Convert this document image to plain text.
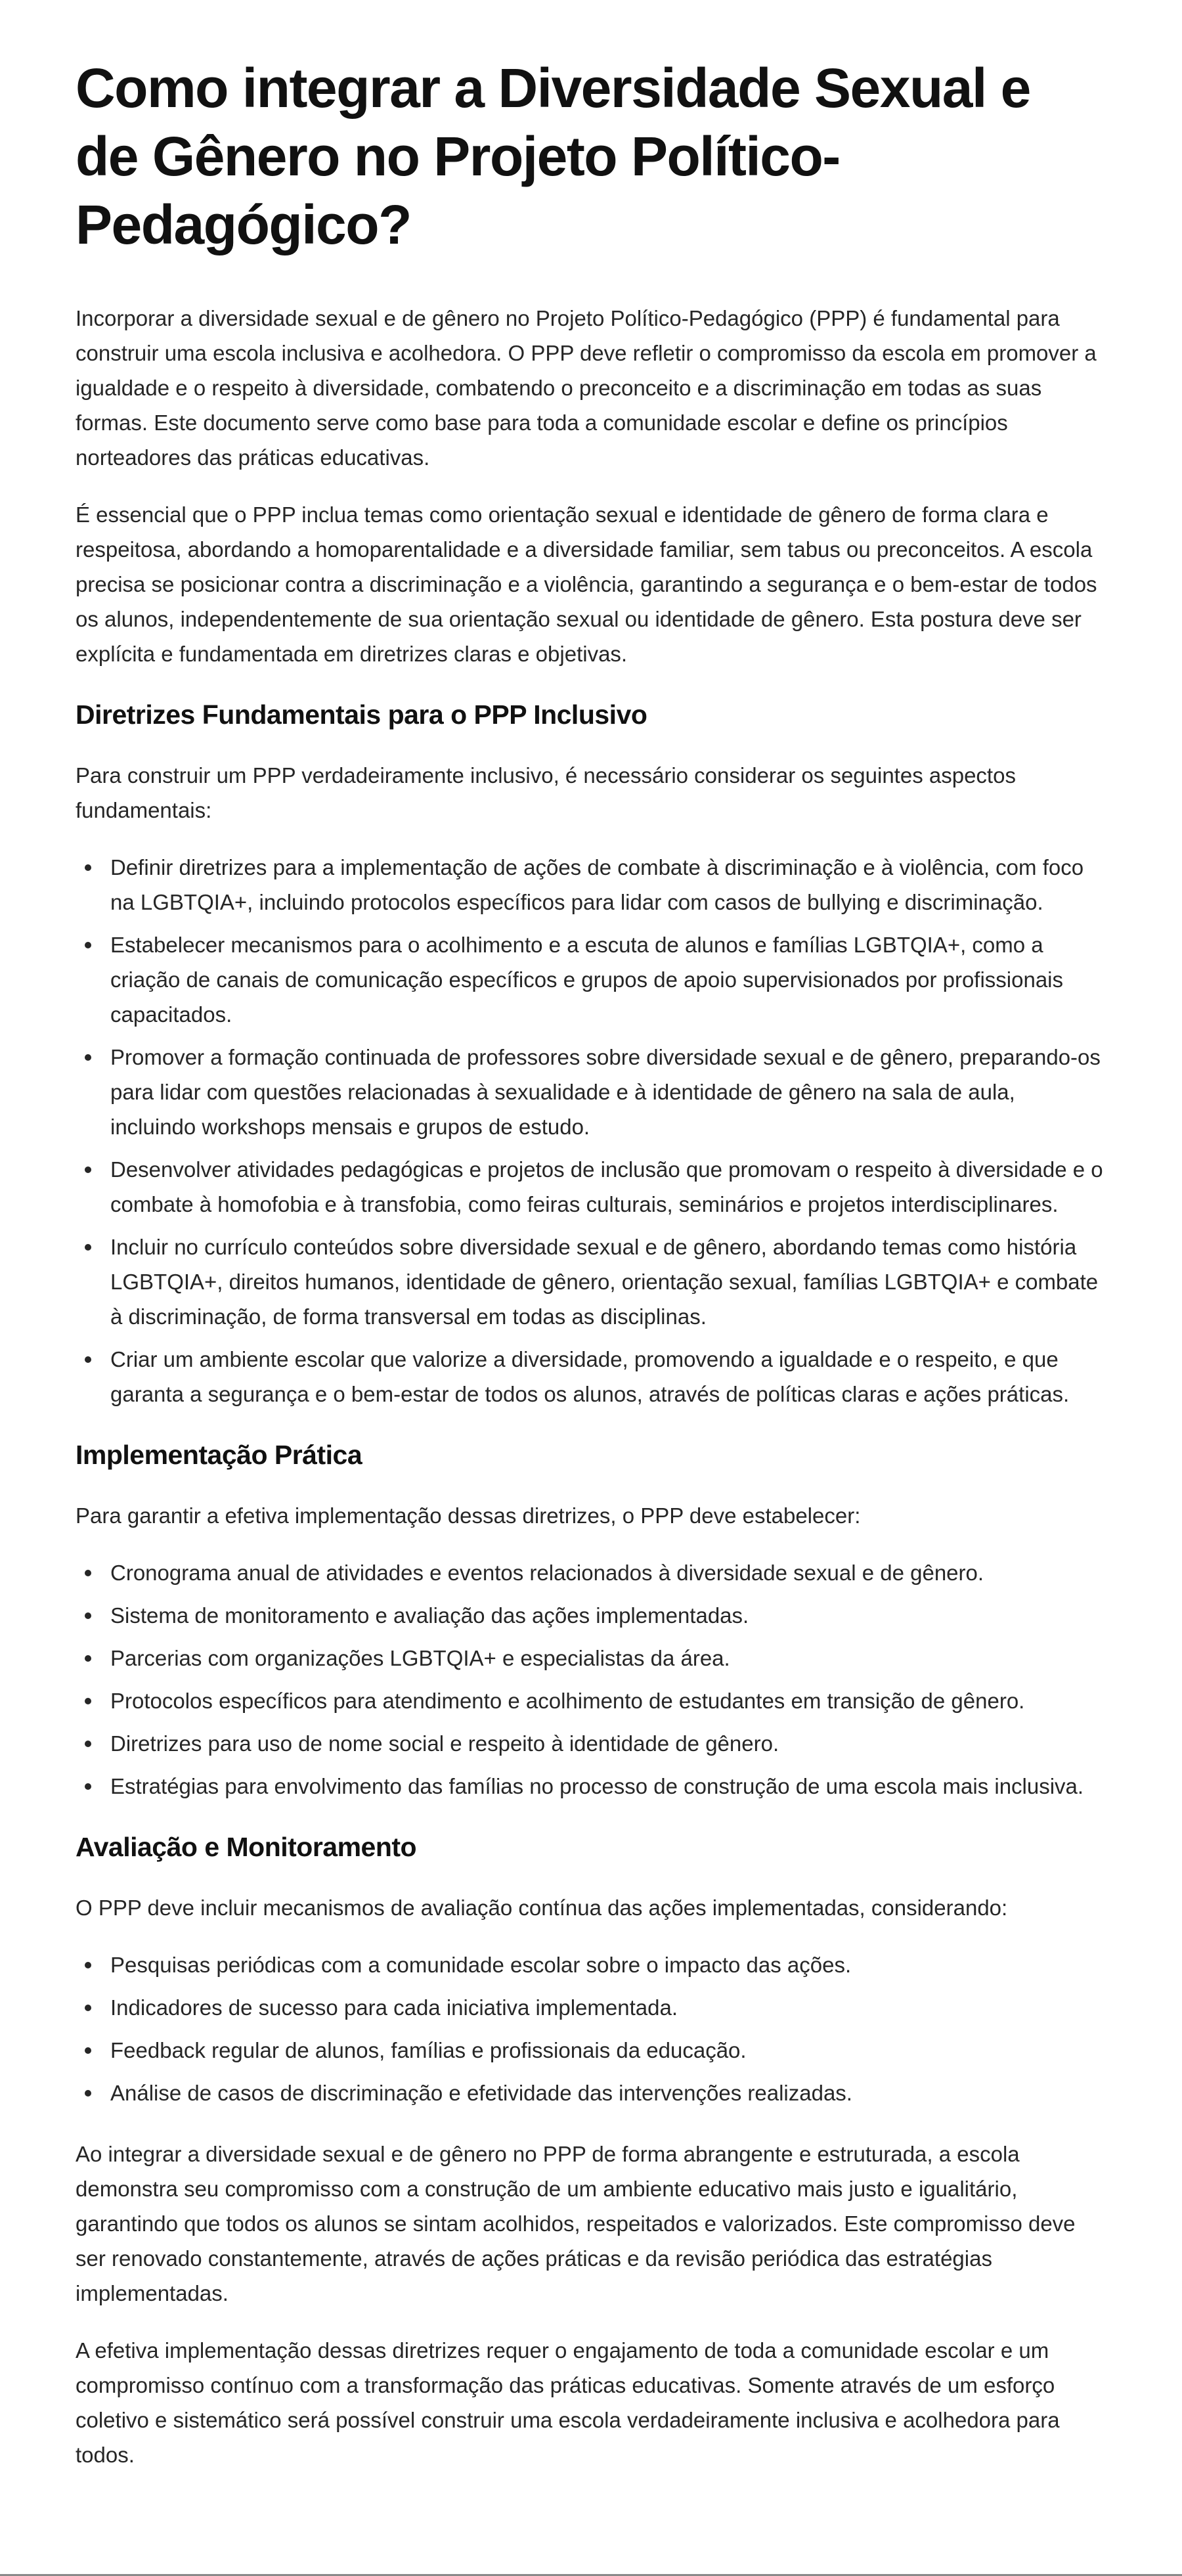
Como integrar a Diversidade Sexual e de Gênero no Projeto Político-Pedagógico?

Incorporar a diversidade sexual e de gênero no Projeto Político-Pedagógico (PPP) é fundamental para construir uma escola inclusiva e acolhedora. O PPP deve refletir o compromisso da escola em promover a igualdade e o respeito à diversidade, combatendo o preconceito e a discriminação em todas as suas formas. Este documento serve como base para toda a comunidade escolar e define os princípios norteadores das práticas educativas.

É essencial que o PPP inclua temas como orientação sexual e identidade de gênero de forma clara e respeitosa, abordando a homoparentalidade e a diversidade familiar, sem tabus ou preconceitos. A escola precisa se posicionar contra a discriminação e a violência, garantindo a segurança e o bem-estar de todos os alunos, independentemente de sua orientação sexual ou identidade de gênero. Esta postura deve ser explícita e fundamentada em diretrizes claras e objetivas.

Diretrizes Fundamentais para o PPP Inclusivo

Para construir um PPP verdadeiramente inclusivo, é necessário considerar os seguintes aspectos fundamentais:

Definir diretrizes para a implementação de ações de combate à discriminação e à violência, com foco na LGBTQIA+, incluindo protocolos específicos para lidar com casos de bullying e discriminação.
Estabelecer mecanismos para o acolhimento e a escuta de alunos e famílias LGBTQIA+, como a criação de canais de comunicação específicos e grupos de apoio supervisionados por profissionais capacitados.
Promover a formação continuada de professores sobre diversidade sexual e de gênero, preparando-os para lidar com questões relacionadas à sexualidade e à identidade de gênero na sala de aula, incluindo workshops mensais e grupos de estudo.
Desenvolver atividades pedagógicas e projetos de inclusão que promovam o respeito à diversidade e o combate à homofobia e à transfobia, como feiras culturais, seminários e projetos interdisciplinares.
Incluir no currículo conteúdos sobre diversidade sexual e de gênero, abordando temas como história LGBTQIA+, direitos humanos, identidade de gênero, orientação sexual, famílias LGBTQIA+ e combate à discriminação, de forma transversal em todas as disciplinas.
Criar um ambiente escolar que valorize a diversidade, promovendo a igualdade e o respeito, e que garanta a segurança e o bem-estar de todos os alunos, através de políticas claras e ações práticas.
Implementação Prática

Para garantir a efetiva implementação dessas diretrizes, o PPP deve estabelecer:

Cronograma anual de atividades e eventos relacionados à diversidade sexual e de gênero.
Sistema de monitoramento e avaliação das ações implementadas.
Parcerias com organizações LGBTQIA+ e especialistas da área.
Protocolos específicos para atendimento e acolhimento de estudantes em transição de gênero.
Diretrizes para uso de nome social e respeito à identidade de gênero.
Estratégias para envolvimento das famílias no processo de construção de uma escola mais inclusiva.
Avaliação e Monitoramento

O PPP deve incluir mecanismos de avaliação contínua das ações implementadas, considerando:

Pesquisas periódicas com a comunidade escolar sobre o impacto das ações.
Indicadores de sucesso para cada iniciativa implementada.
Feedback regular de alunos, famílias e profissionais da educação.
Análise de casos de discriminação e efetividade das intervenções realizadas.

Ao integrar a diversidade sexual e de gênero no PPP de forma abrangente e estruturada, a escola demonstra seu compromisso com a construção de um ambiente educativo mais justo e igualitário, garantindo que todos os alunos se sintam acolhidos, respeitados e valorizados. Este compromisso deve ser renovado constantemente, através de ações práticas e da revisão periódica das estratégias implementadas.

A efetiva implementação dessas diretrizes requer o engajamento de toda a comunidade escolar e um compromisso contínuo com a transformação das práticas educativas. Somente através de um esforço coletivo e sistemático será possível construir uma escola verdadeiramente inclusiva e acolhedora para todos.
